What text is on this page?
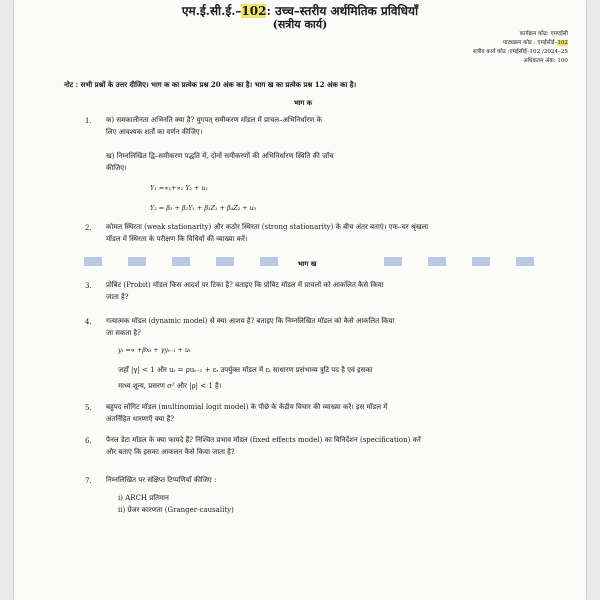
एम.ई.सी.ई.–102: उच्च–स्तरीय अर्थमितिक प्रविधियाँ
(सत्रीय कार्य)
कार्यक्रम कोड: एमएईसी
पाठ्यक्रम कोड : एमईसीई–102
सत्रीय कार्य कोड :एमईसीई–102 /2024–25
अधिकतम अंक: 100
नोट : सभी प्रश्नों के उत्तर दीजिए। भाग क का प्रत्येक प्रश्न 20 अंक का है। भाग ख का प्रत्येक प्रश्न 12 अंक का है।
भाग क
1. क) समकालीनता अभिनति क्या है? युगपत् समीकरण मॉडल में प्राचल–अभिनिर्धारण के
लिए आवश्यक शर्तों का वर्णन कीजिए।
ख) निम्नलिखित द्वि–समीकरण पद्धति में, दोनों समीकरणों की अभिनिर्धारण स्थिति की जाँच
कीजिए।
Y₁ =∝₁+∝₂ Y₂ + u₁
Y₂ = β₁ + β₂Y₁ + β₃Z₁ + β₄Z₂ + u₂
2. कोमल स्थिरता (weak stationarity) और कठोर स्थिरता (strong stationarity) के बीच अंतर बताएं। एक–चर श्रृंखला
मॉडल में स्थिरता के परीक्षण कि विधियों की व्याख्या करें।
भाग ख
3. प्रोबिट (Probit) मॉडल किस आदर्श पर टिका है? बताइए कि प्रोबिट मॉडल में प्राचलों को आकलित कैसे किया
जाता है?
4. गत्यात्मक मॉडल (dynamic model) से क्या आशय है? बताइए कि निम्नलिखित मॉडल को कैसे आकलित किया
जा सकता है?
yₜ =∝ +βxₜ + γyₜ₋₁ + uₜ
जहाँ |γ| < 1 और uₜ = ρuₜ₋₁ + εₜ उपर्युक्त मॉडल में εₜ साधारण प्रसंभाव्य त्रुटि पद है एवं इसका
माध्य शून्य, प्रसरण σ² और |ρ| < 1 है।
5. बहुपद लॉगिट मॉडल (multinomial logit model) के पीछे के केंद्रीय विचार की व्याख्या करें। इस मॉडल में
अंतर्निहित धारणाएँ क्या हैं?
6. पैनल डेटा मॉडल के क्या फायदे हैं? निश्चित प्रभाव मॉडल (fixed effects model) का विनिर्देशन (specification) करें
और बताएं कि इसका आकलन कैसे किया जाता है?
7. निम्नलिखित पर संक्षिप्त टिप्पणियाँ कीजिए :
i) ARCH प्रतिमान
ii) ग्रेंजर कारणता (Granger-causality)
